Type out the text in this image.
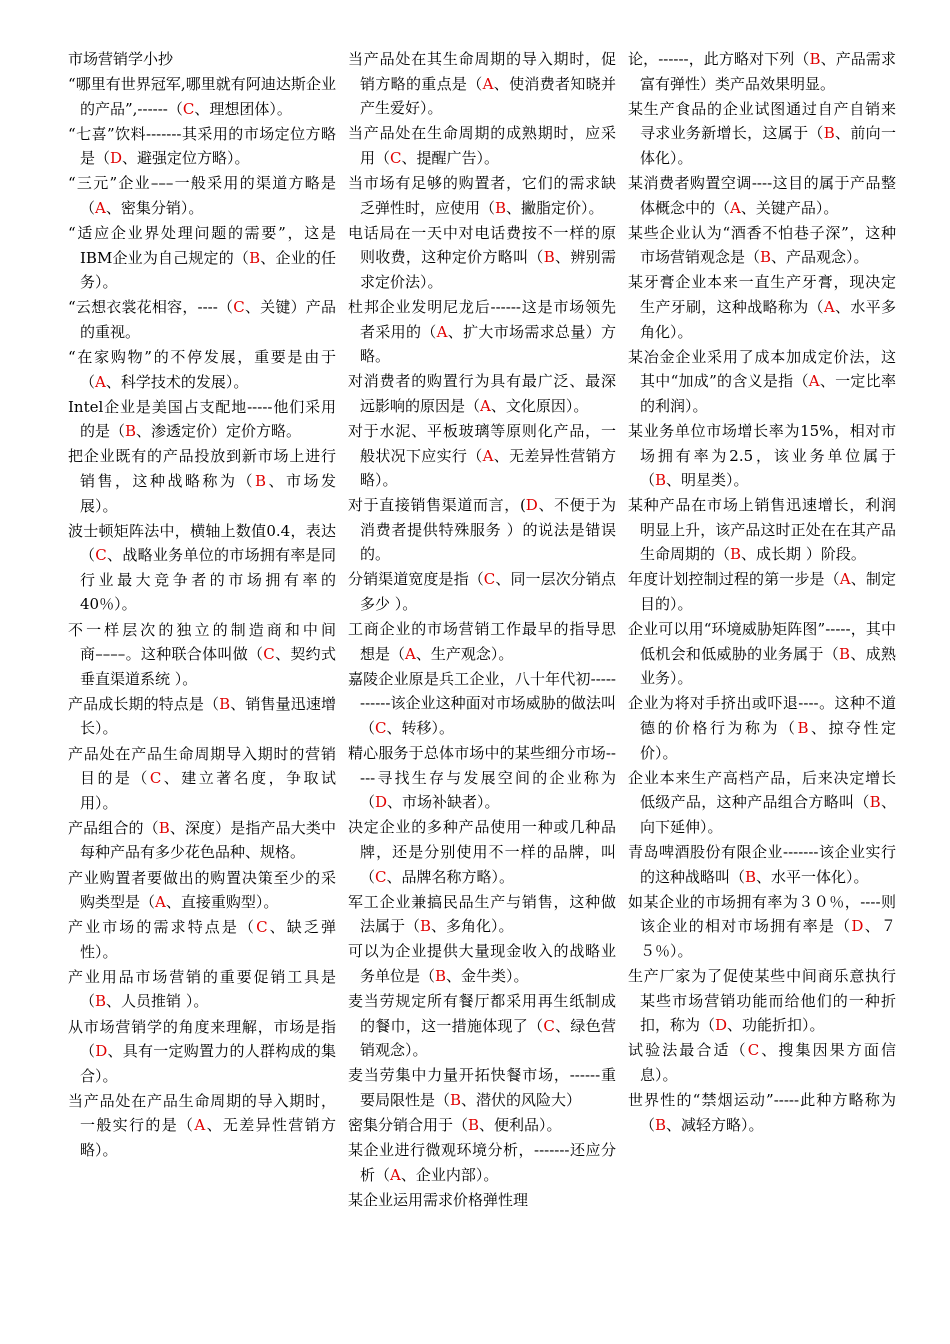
市场营销学小抄

“哪里有世界冠军,哪里就有阿迪达斯企业的产品”,------（C、理想团体）。

“七喜”饮料-------其采用的市场定位方略是（D、避强定位方略）。

“三元”企业–––一般采用的渠道方略是（A、密集分销）。

“适应企业界处理问题的需要”，这是IBM企业为自己规定的（B、企业的任务）。

“云想衣裳花相容，----（C、关键）产品的重视。

“在家购物”的不停发展，重要是由于（A、科学技术的发展）。

Intel企业是美国占支配地-----他们采用的是（B、渗透定价）定价方略。

把企业既有的产品投放到新市场上进行销售，这种战略称为（B、市场发展）。

波士顿矩阵法中，横轴上数值0.4，表达（C、战略业务单位的市场拥有率是同行业最大竞争者的市场拥有率的40％）。

不一样层次的独立的制造商和中间商––––。这种联合体叫做（C、契约式垂直渠道系统 ）。

产品成长期的特点是（B、销售量迅速增长）。

产品处在产品生命周期导入期时的营销目的是（C、建立著名度，争取试用）。

产品组合的（B、深度）是指产品大类中每种产品有多少花色品种、规格。

产业购置者要做出的购置决策至少的采购类型是（A、直接重购型）。

产业市场的需求特点是（C、缺乏弹性）。

产业用品市场营销的重要促销工具是（B、人员推销 ）。

从市场营销学的角度来理解，市场是指（D、具有一定购置力的人群构成的集合）。

当产品处在产品生命周期的导入期时，一般实行的是（A、无差异性营销方略）。

当产品处在其生命周期的导入期时，促销方略的重点是（A、使消费者知晓并产生爱好）。

当产品处在生命周期的成熟期时，应采用（C、提醒广告）。

当市场有足够的购置者，它们的需求缺乏弹性时，应使用（B、撇脂定价）。

电话局在一天中对电话费按不一样的原则收费，这种定价方略叫（B、辨别需求定价法）。

杜邦企业发明尼龙后------这是市场领先者采用的（A、扩大市场需求总量）方略。

对消费者的购置行为具有最广泛、最深远影响的原因是（A、文化原因）。

对于水泥、平板玻璃等原则化产品，一般状况下应实行（A、无差异性营销方略）。

对于直接销售渠道而言，(D、不便于为消费者提供特殊服务 ）的说法是错误的。

分销渠道宽度是指（C、同一层次分销点多少 ）。

工商企业的市场营销工作最早的指导思想是（A、生产观念）。

嘉陵企业原是兵工企业，八十年代初-----------该企业这种面对市场威胁的做法叫（C、转移）。

精心服务于总体市场中的某些细分市场-----寻找生存与发展空间的企业称为（D、市场补缺者）。

决定企业的多种产品使用一种或几种品牌，还是分别使用不一样的品牌，叫（C、品牌名称方略）。

军工企业兼搞民品生产与销售，这种做法属于（B、多角化）。

可以为企业提供大量现金收入的战略业务单位是（B、金牛类）。

麦当劳规定所有餐厅都采用再生纸制成的餐巾，这一措施体现了（C、绿色营销观念）。

麦当劳集中力量开拓快餐市场，------重要局限性是（B、潜伏的风险大）

密集分销合用于（B、便利品）。

某企业进行微观环境分析，-------还应分析（A、企业内部）。

某企业运用需求价格弹性理

论，------，此方略对下列（B、产品需求富有弹性）类产品效果明显。

某生产食品的企业试图通过自产自销来寻求业务新增长，这属于（B、前向一体化）。

某消费者购置空调----这目的属于产品整体概念中的（A、关键产品）。

某些企业认为“酒香不怕巷子深”，这种市场营销观念是（B、产品观念）。

某牙膏企业本来一直生产牙膏，现决定生产牙刷，这种战略称为（A、水平多角化）。

某冶金企业采用了成本加成定价法，这其中“加成”的含义是指（A、一定比率的利润）。

某业务单位市场增长率为15%，相对市场拥有率为2.5，该业务单位属于 （B、明星类）。

某种产品在市场上销售迅速增长，利润明显上升，该产品这时正处在在其产品生命周期的（B、成长期 ）阶段。

年度计划控制过程的第一步是（A、制定目的）。

企业可以用“环境威胁矩阵图”-----，其中低机会和低威胁的业务属于（B、成熟业务）。

企业为将对手挤出或吓退----。这种不道德的价格行为称为（B、掠夺性定价）。

企业本来生产高档产品，后来决定增长低级产品，这种产品组合方略叫（B、向下延伸）。

青岛啤酒股份有限企业-------该企业实行的这种战略叫（B、水平一体化）。

如某企业的市场拥有率为３０％，----则该企业的相对市场拥有率是（D、７５％）。

生产厂家为了促使某些中间商乐意执行某些市场营销功能而给他们的一种折扣，称为（D、功能折扣）。

试验法最合适（C、搜集因果方面信息）。

世界性的“禁烟运动”-----此种方略称为（B、减轻方略）。
